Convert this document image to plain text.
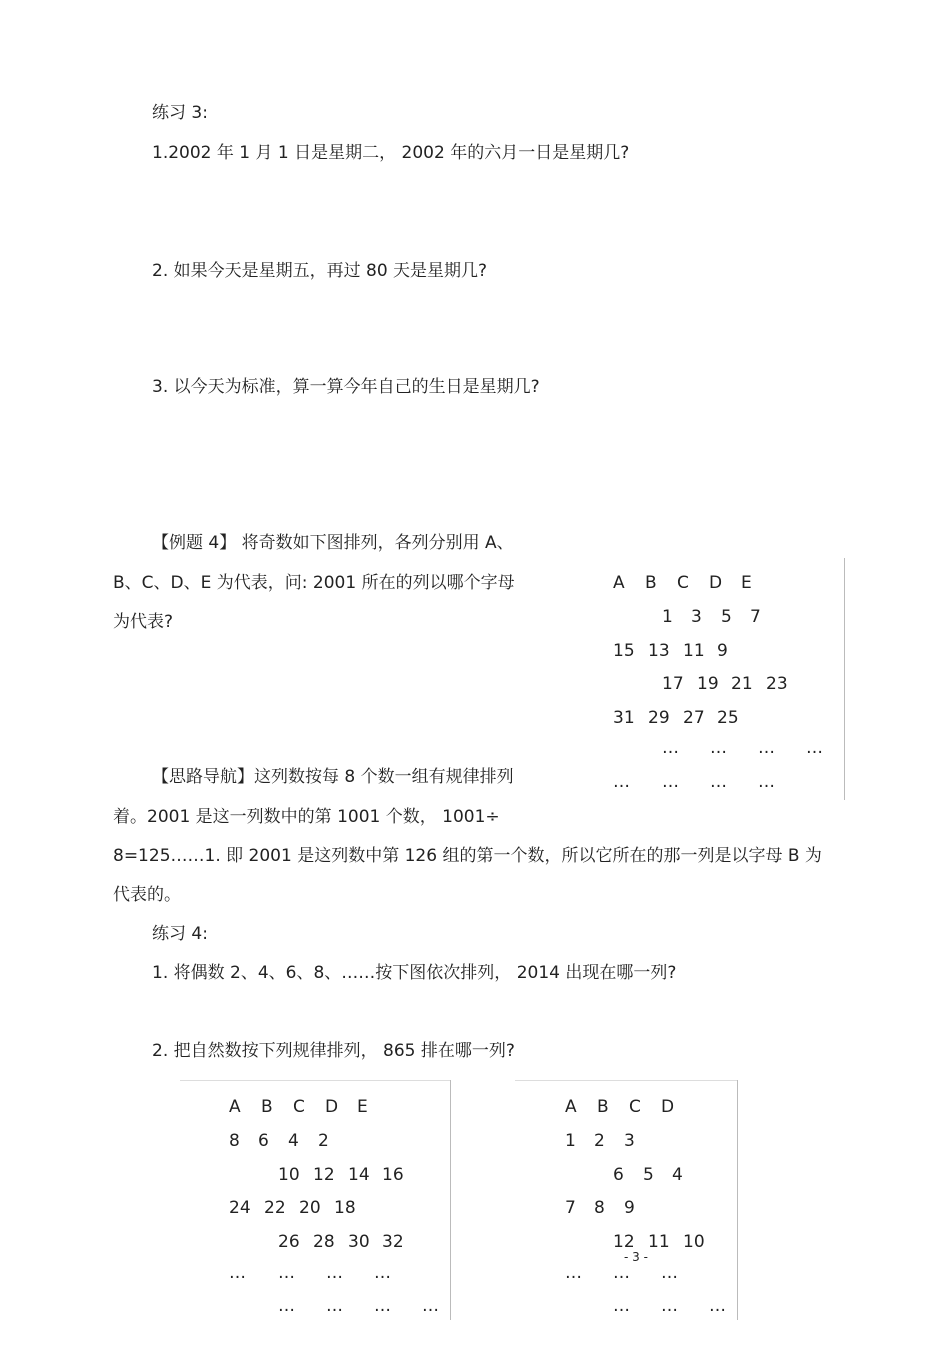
练习 3:
1.2002 年 1 月 1 日是星期二， 2002 年的六月一日是星期几?
2. 如果今天是星期五，再过 80 天是星期几?
3. 以今天为标准，算一算今年自己的生日是星期几?
【例题 4】 将奇数如下图排列，各列分别用 A、
B、C、D、E 为代表，问: 2001 所在的列以哪个字母
为代表?
A B C D E
1 3 5 7
15 13 11 9
17 19 21 23
31 29 27 25
… … … …
… … … …
【思路导航】这列数按每 8 个数一组有规律排列
着。2001 是这一列数中的第 1001 个数， 1001÷
8=125……1. 即 2001 是这列数中第 126 组的第一个数，所以它所在的那一列是以字母 B 为
代表的。
练习 4:
1. 将偶数 2、4、6、8、……按下图依次排列， 2014 出现在哪一列?
2. 把自然数按下列规律排列， 865 排在哪一列?
A B C D E
8 6 4 2
10 12 14 16
24 22 20 18
26 28 30 32
… … … …
… … … …
A B C D
1 2 3
6 5 4
7 8 9
12 11 10
… … …
… … …
- 3 -
